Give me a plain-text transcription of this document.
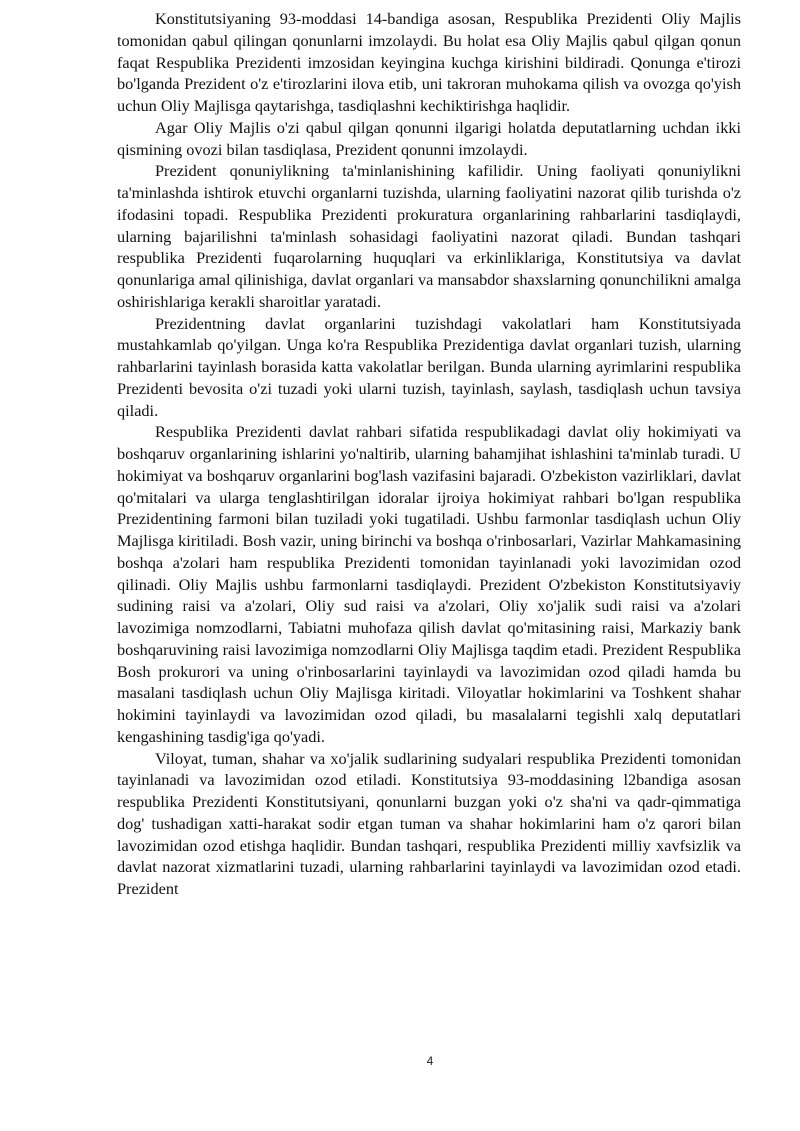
Konstitutsiyaning 93-moddasi 14-bandiga asosan, Respublika Prezidenti Oliy Majlis tomonidan qabul qilingan qonunlarni imzolaydi. Bu holat esa Oliy Majlis qabul qilgan qonun faqat Respublika Prezidenti imzosidan keyingina kuchga kirishini bildiradi. Qonunga e'tirozi bo'lganda Prezident o'z e'tirozlarini ilova etib, uni takroran muhokama qilish va ovozga qo'yish uchun Oliy Majlisga qaytarishga, tasdiqlashni kechiktirishga haqlidir.

Agar Oliy Majlis o'zi qabul qilgan qonunni ilgarigi holatda deputatlarning uchdan ikki qismining ovozi bilan tasdiqlasa, Prezident qonunni imzolaydi.

Prezident qonuniylikning ta'minlanishining kafilidir. Uning faoliyati qonuniylikni ta'minlashda ishtirok etuvchi organlarni tuzishda, ularning faoliyatini nazorat qilib turishda o'z ifodasini topadi. Respublika Prezidenti prokuratura organlarining rahbarlarini tasdiqlaydi, ularning bajarilishni ta'minlash sohasidagi faoliyatini nazorat qiladi. Bundan tashqari respublika Prezidenti fuqarolarning huquqlari va erkinliklariga, Konstitutsiya va davlat qonunlariga amal qilinishiga, davlat organlari va mansabdor shaxslarning qonunchilikni amalga oshirishlariga kerakli sharoitlar yaratadi.

Prezidentning davlat organlarini tuzishdagi vakolatlari ham Konstitutsiyada mustahkamlab qo'yilgan. Unga ko'ra Respublika Prezidentiga davlat organlari tuzish, ularning rahbarlarini tayinlash borasida katta vakolatlar berilgan. Bunda ularning ayrimlarini respublika Prezidenti bevosita o'zi tuzadi yoki ularni tuzish, tayinlash, saylash, tasdiqlash uchun tavsiya qiladi.

Respublika Prezidenti davlat rahbari sifatida respublikadagi davlat oliy hokimiyati va boshqaruv organlarining ishlarini yo'naltirib, ularning bahamjihat ishlashini ta'minlab turadi. U hokimiyat va boshqaruv organlarini bog'lash vazifasini bajaradi. O'zbekiston vazirliklari, davlat qo'mitalari va ularga tenglashtirilgan idoralar ijroiya hokimiyat rahbari bo'lgan respublika Prezidentining farmoni bilan tuziladi yoki tugatiladi. Ushbu farmonlar tasdiqlash uchun Oliy Majlisga kiritiladi. Bosh vazir, uning birinchi va boshqa o'rinbosarlari, Vazirlar Mahkamasining boshqa a'zolari ham respublika Prezidenti tomonidan tayinlanadi yoki lavozimidan ozod qilinadi. Oliy Majlis ushbu farmonlarni tasdiqlaydi. Prezident O'zbekiston Konstitutsiyaviy sudining raisi va a'zolari, Oliy sud raisi va a'zolari, Oliy xo'jalik sudi raisi va a'zolari lavozimiga nomzodlarni, Tabiatni muhofaza qilish davlat qo'mitasining raisi, Markaziy bank boshqaruvining raisi lavozimiga nomzodlarni Oliy Majlisga taqdim etadi. Prezident Respublika Bosh prokurori va uning o'rinbosarlarini tayinlaydi va lavozimidan ozod qiladi hamda bu masalani tasdiqlash uchun Oliy Majlisga kiritadi. Viloyatlar hokimlarini va Toshkent shahar hokimini tayinlaydi va lavozimidan ozod qiladi, bu masalalarni tegishli xalq deputatlari kengashining tasdig'iga qo'yadi.

Viloyat, tuman, shahar va xo'jalik sudlarining sudyalari respublika Prezidenti tomonidan tayinlanadi va lavozimidan ozod etiladi. Konstitutsiya 93-moddasining l2bandiga asosan respublika Prezidenti Konstitutsiyani, qonunlarni buzgan yoki o'z sha'ni va qadr-qimmatiga dog' tushadigan xatti-harakat sodir etgan tuman va shahar hokimlarini ham o'z qarori bilan lavozimidan ozod etishga haqlidir. Bundan tashqari, respublika Prezidenti milliy xavfsizlik va davlat nazorat xizmatlarini tuzadi, ularning rahbarlarini tayinlaydi va lavozimidan ozod etadi. Prezident

4
